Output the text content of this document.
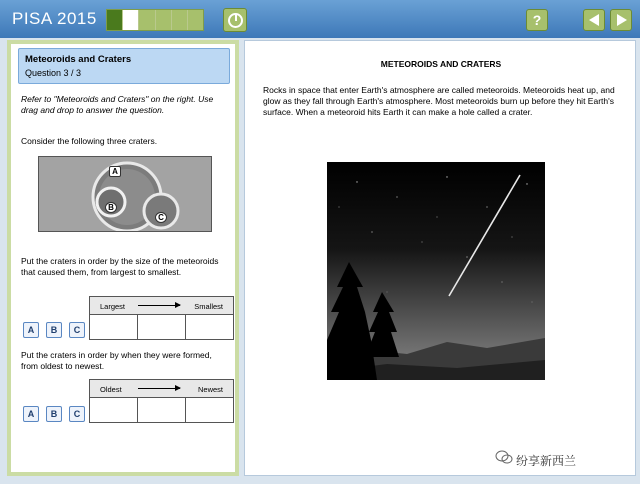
PISA 2015	?
Meteoroids and Craters
Question 3 / 3
Refer to "Meteoroids and Craters" on the right. Use drag and drop to answer the question.
Consider the following three craters.
A
B
C
Put the craters in order by the size of the meteoroids that caused them, from largest to smallest.
Largest	Smallest
A	B	C
Put the craters in order by when they were formed, from oldest to newest.
Oldest	Newest
A	B	C
METEOROIDS AND CRATERS
Rocks in space that enter Earth's atmosphere are called meteoroids. Meteoroids heat up, and glow as they fall through Earth's atmosphere. Most meteoroids burn up before they hit Earth's surface. When a meteoroid hits Earth it can make a hole called a crater.
纷享新西兰
